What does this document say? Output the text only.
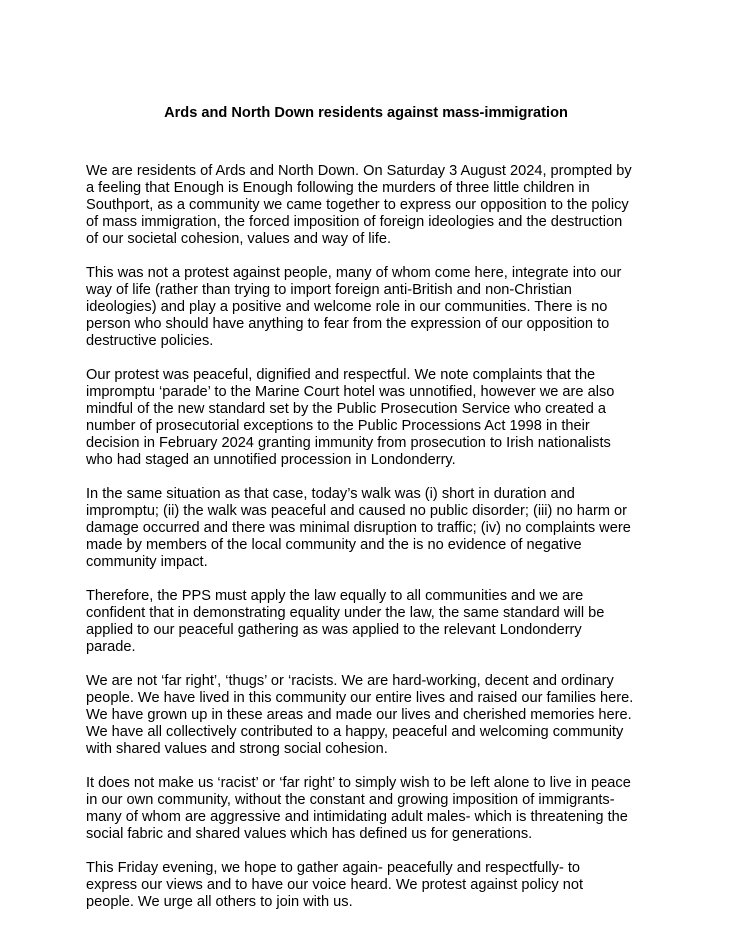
Ards and North Down residents against mass-immigration

We are residents of Ards and North Down. On Saturday 3 August 2024, prompted by
a feeling that Enough is Enough following the murders of three little children in
Southport, as a community we came together to express our opposition to the policy
of mass immigration, the forced imposition of foreign ideologies and the destruction
of our societal cohesion, values and way of life.

This was not a protest against people, many of whom come here, integrate into our
way of life (rather than trying to import foreign anti-British and non-Christian
ideologies) and play a positive and welcome role in our communities. There is no
person who should have anything to fear from the expression of our opposition to
destructive policies.

Our protest was peaceful, dignified and respectful. We note complaints that the
impromptu ‘parade’ to the Marine Court hotel was unnotified, however we are also
mindful of the new standard set by the Public Prosecution Service who created a
number of prosecutorial exceptions to the Public Processions Act 1998 in their
decision in February 2024 granting immunity from prosecution to Irish nationalists
who had staged an unnotified procession in Londonderry.

In the same situation as that case, today’s walk was (i) short in duration and
impromptu; (ii) the walk was peaceful and caused no public disorder; (iii) no harm or
damage occurred and there was minimal disruption to traffic; (iv) no complaints were
made by members of the local community and the is no evidence of negative
community impact.

Therefore, the PPS must apply the law equally to all communities and we are
confident that in demonstrating equality under the law, the same standard will be
applied to our peaceful gathering as was applied to the relevant Londonderry
parade.

We are not ‘far right’, ‘thugs’ or ‘racists. We are hard-working, decent and ordinary
people. We have lived in this community our entire lives and raised our families here.
We have grown up in these areas and made our lives and cherished memories here.
We have all collectively contributed to a happy, peaceful and welcoming community
with shared values and strong social cohesion.

It does not make us ‘racist’ or ‘far right’ to simply wish to be left alone to live in peace
in our own community, without the constant and growing imposition of immigrants-
many of whom are aggressive and intimidating adult males- which is threatening the
social fabric and shared values which has defined us for generations.

This Friday evening, we hope to gather again- peacefully and respectfully- to
express our views and to have our voice heard. We protest against policy not
people. We urge all others to join with us.
